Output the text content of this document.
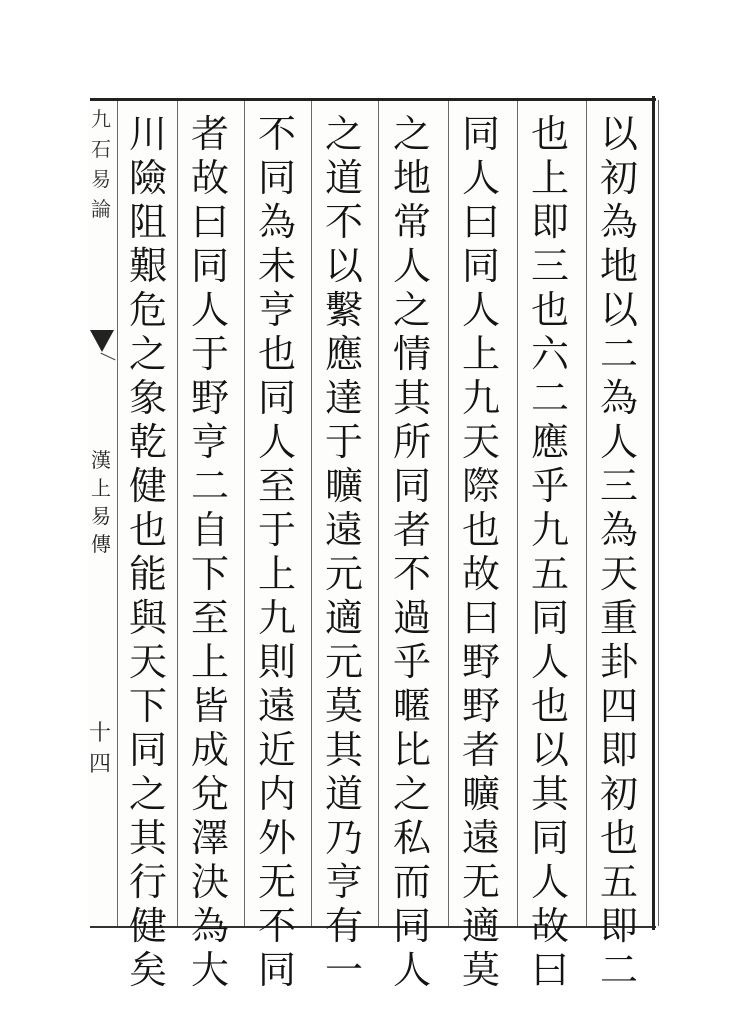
九
石
易
論
漢
上
易
傳
十四
以
初
為
地
以
二
為
人
三
為
天
重
卦
四
即
初
也
五
即
二
也
上
即
三
也
六
二
應
乎
九
五
同
人
也
以
其
同
人
故
曰
同
人
曰
同
人
上
九
天
際
也
故
曰
野
野
者
曠
遠
无
適
莫
之
地
常
人
之
情
其
所
同
者
不
過
乎
暱
比
之
私
而
同
人
之
道
不
以
繫
應
達
于
曠
遠
元
適
元
莫
其
道
乃
亨
有
一
不
同
為
未
亨
也
同
人
至
于
上
九
則
遠
近
内
外
无
不
同
者
故
曰
同
人
于
野
亨
二
自
下
至
上
皆
成
兌
澤
決
為
大
川
險
阻
艱
危
之
象
乾
健
也
能
與
天
下
同
之
其
行
健
矣
